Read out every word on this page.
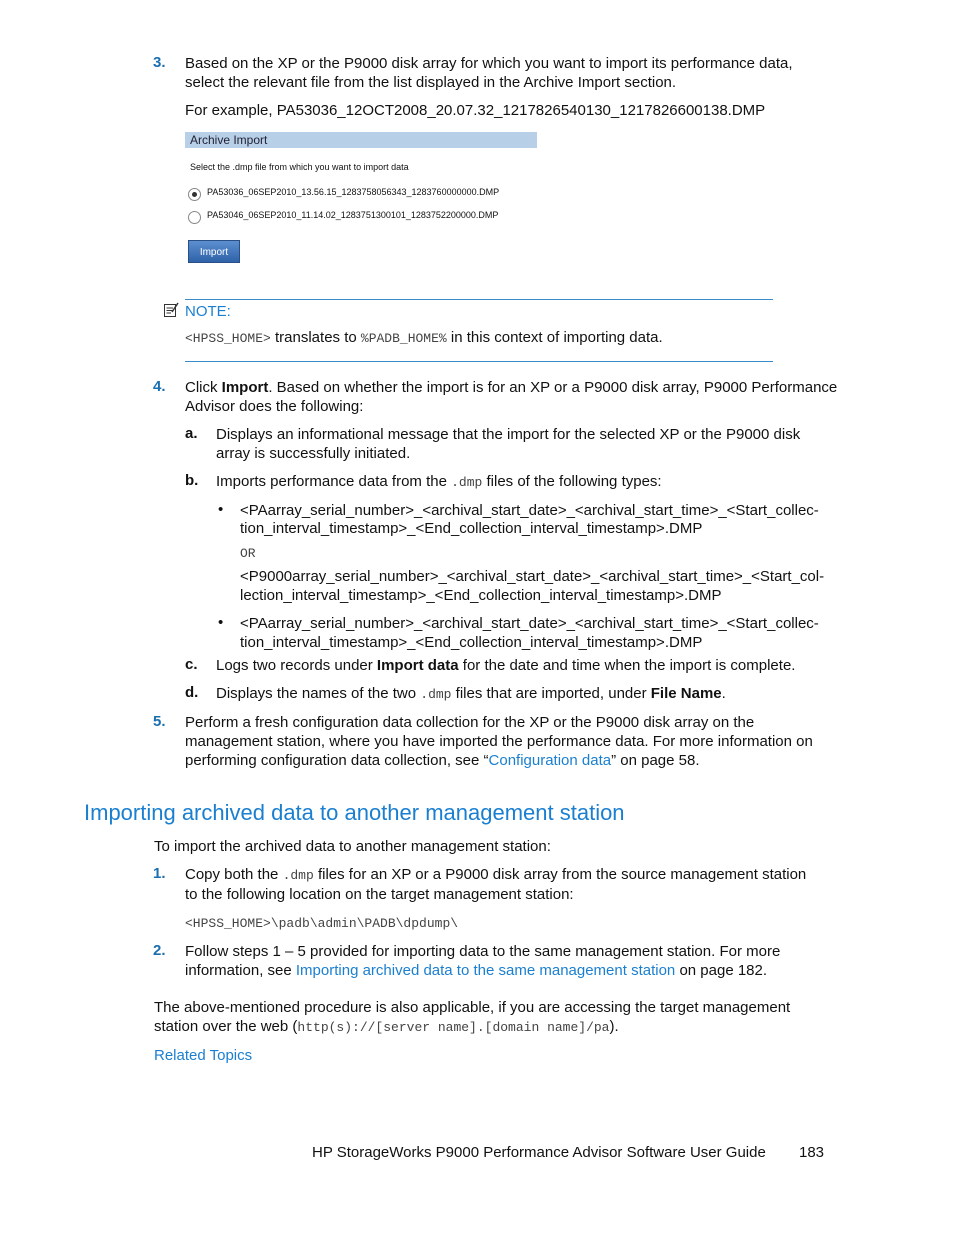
3. Based on the XP or the P9000 disk array for which you want to import its performance data,
select the relevant file from the list displayed in the Archive Import section.
For example, PA53036_12OCT2008_20.07.32_1217826540130_1217826600138.DMP
Archive Import
Select the .dmp file from which you want to import data
PA53036_06SEP2010_13.56.15_1283758056343_1283760000000.DMP
PA53046_06SEP2010_11.14.02_1283751300101_1283752200000.DMP
Import
NOTE:
<HPSS_HOME> translates to %PADB_HOME% in this context of importing data.
4. Click Import. Based on whether the import is for an XP or a P9000 disk array, P9000 Performance
Advisor does the following:
a. Displays an informational message that the import for the selected XP or the P9000 disk
array is successfully initiated.
b. Imports performance data from the .dmp files of the following types:
• <PAarray_serial_number>_<archival_start_date>_<archival_start_time>_<Start_collec-
tion_interval_timestamp>_<End_collection_interval_timestamp>.DMP
OR
<P9000array_serial_number>_<archival_start_date>_<archival_start_time>_<Start_col-
lection_interval_timestamp>_<End_collection_interval_timestamp>.DMP
• <PAarray_serial_number>_<archival_start_date>_<archival_start_time>_<Start_collec-
tion_interval_timestamp>_<End_collection_interval_timestamp>.DMP
c. Logs two records under Import data for the date and time when the import is complete.
d. Displays the names of the two .dmp files that are imported, under File Name.
5. Perform a fresh configuration data collection for the XP or the P9000 disk array on the
management station, where you have imported the performance data. For more information on
performing configuration data collection, see “Configuration data” on page 58.
Importing archived data to another management station
To import the archived data to another management station:
1. Copy both the .dmp files for an XP or a P9000 disk array from the source management station
to the following location on the target management station:
<HPSS_HOME>\padb\admin\PADB\dpdump\
2. Follow steps 1 – 5 provided for importing data to the same management station. For more
information, see Importing archived data to the same management station on page 182.
The above-mentioned procedure is also applicable, if you are accessing the target management
station over the web (http(s)://[server name].[domain name]/pa).
Related Topics
HP StorageWorks P9000 Performance Advisor Software User Guide 183
